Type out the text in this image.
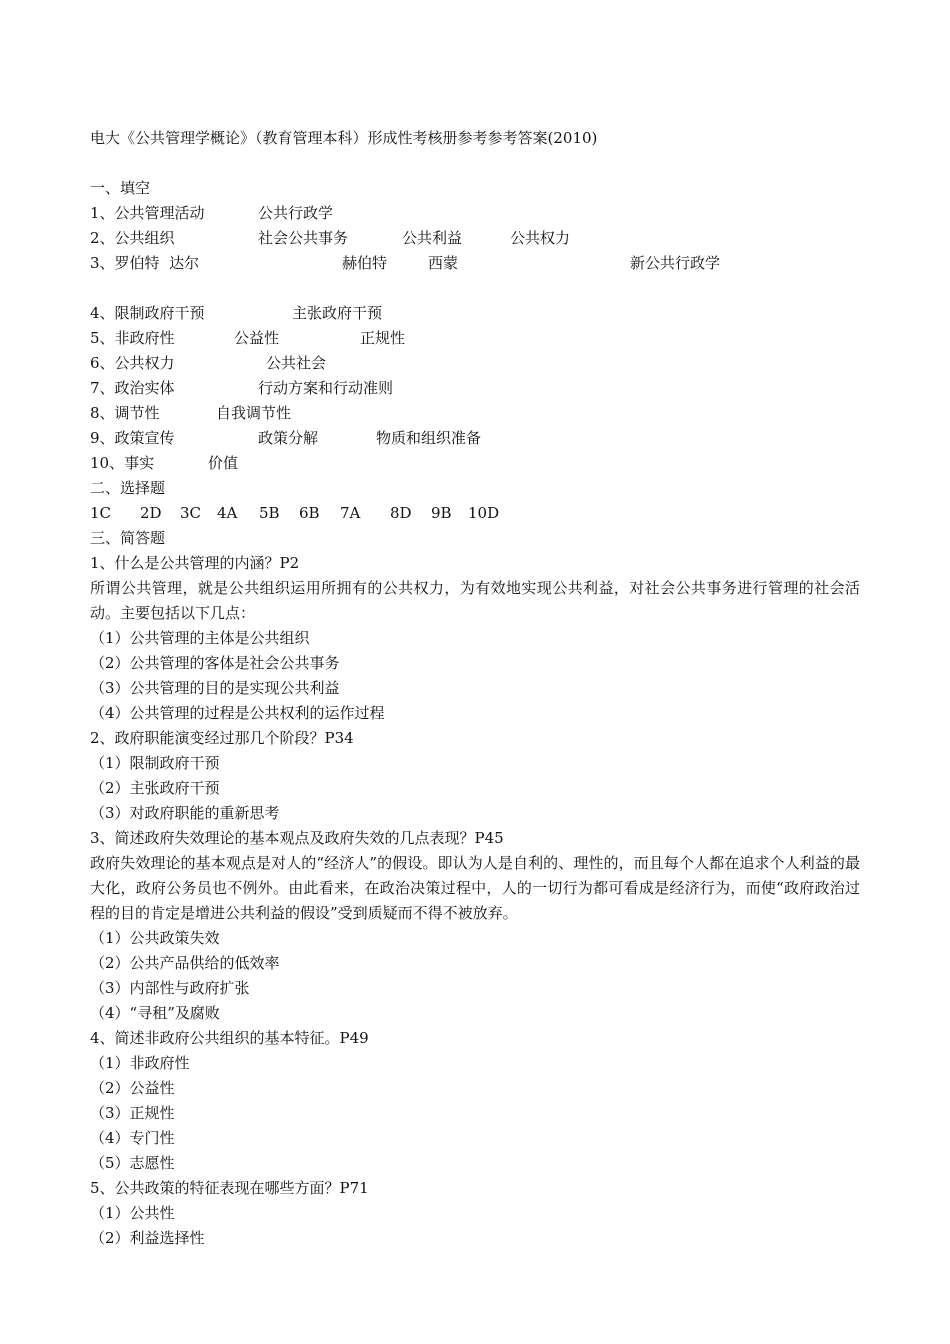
电大《公共管理学概论》（教育管理本科）形成性考核册参考参考答案(2010)
一、填空
1、公共管理活动	公共行政学
2、公共组织	社会公共事务	公共利益	公共权力
3、罗伯特  达尔	赫伯特	西蒙	新公共行政学
4、限制政府干预	主张政府干预
5、非政府性	公益性	正规性
6、公共权力	公共社会
7、政治实体	行动方案和行动准则
8、调节性	自我调节性
9、政策宣传	政策分解	物质和组织准备
10、事实	价值
二、选择题
1C 2D 3C 4A 5B 6B 7A 8D 9B 10D
三、简答题
1、什么是公共管理的内涵？P2
所谓公共管理，就是公共组织运用所拥有的公共权力，为有效地实现公共利益，对社会公共事务进行管理的社会活动。主要包括以下几点：
（1）公共管理的主体是公共组织
（2）公共管理的客体是社会公共事务
（3）公共管理的目的是实现公共利益
（4）公共管理的过程是公共权利的运作过程
2、政府职能演变经过那几个阶段？P34
（1）限制政府干预
（2）主张政府干预
（3）对政府职能的重新思考
3、简述政府失效理论的基本观点及政府失效的几点表现？P45
政府失效理论的基本观点是对人的“经济人”的假设。即认为人是自利的、理性的，而且每个人都在追求个人利益的最大化，政府公务员也不例外。由此看来，在政治决策过程中，人的一切行为都可看成是经济行为，而使“政府政治过程的目的肯定是增进公共利益的假设”受到质疑而不得不被放弃。
（1）公共政策失效
（2）公共产品供给的低效率
（3）内部性与政府扩张
（4）“寻租”及腐败
4、简述非政府公共组织的基本特征。P49
（1）非政府性
（2）公益性
（3）正规性
（4）专门性
（5）志愿性
5、公共政策的特征表现在哪些方面？P71
（1）公共性
（2）利益选择性
